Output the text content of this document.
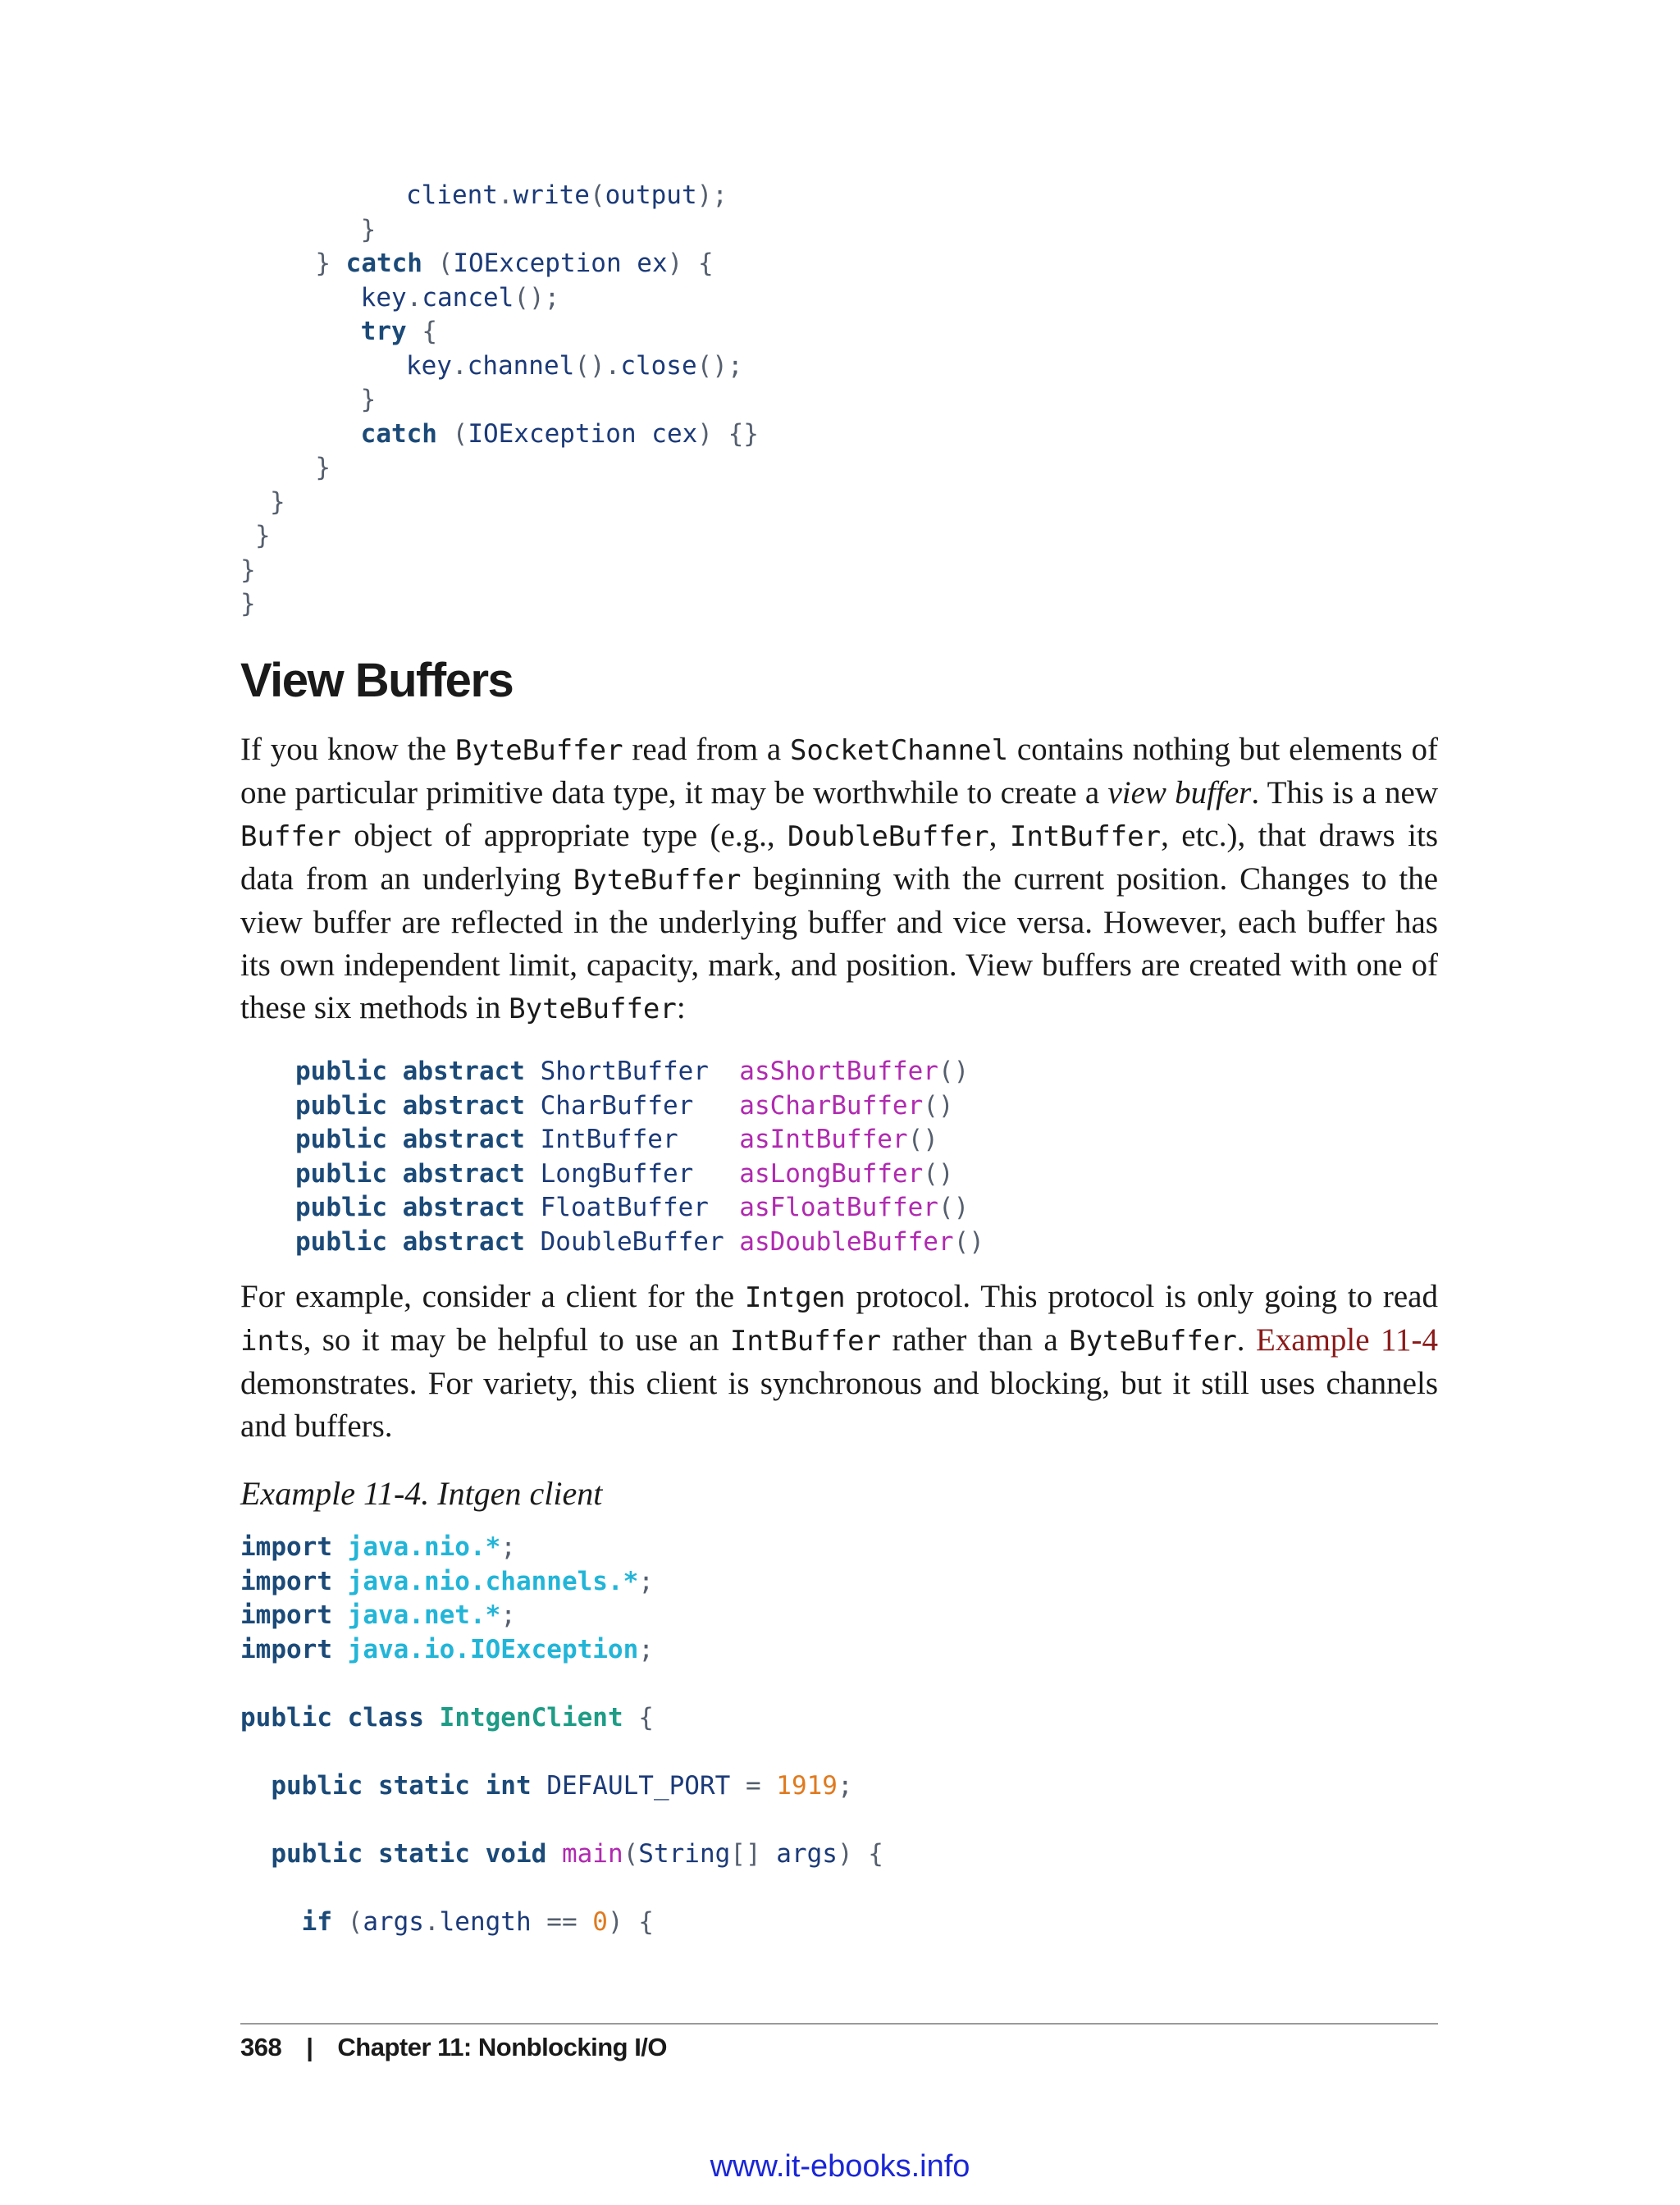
client.write(output);
}
} catch (IOException ex) {
key.cancel();
try {
key.channel().close();
}
catch (IOException cex) {}
}
}
}
}
}
View Buffers

If you know the ByteBuffer read from a SocketChannel contains nothing but elements of one particular primitive data type, it may be worthwhile to create a view buffer. This is a new Buffer object of appropriate type (e.g., DoubleBuffer, IntBuffer, etc.), that draws its data from an underlying ByteBuffer beginning with the current position. Changes to the view buffer are reflected in the underlying buffer and vice versa. However, each buffer has its own independent limit, capacity, mark, and position. View buffers are created with one of these six methods in ByteBuffer:

public abstract ShortBuffer asShortBuffer()
public abstract CharBuffer asCharBuffer()
public abstract IntBuffer asIntBuffer()
public abstract LongBuffer asLongBuffer()
public abstract FloatBuffer asFloatBuffer()
public abstract DoubleBuffer asDoubleBuffer()

For example, consider a client for the Intgen protocol. This protocol is only going to read ints, so it may be helpful to use an IntBuffer rather than a ByteBuffer. Example 11-4 demonstrates. For variety, this client is synchronous and blocking, but it still uses channels and buffers.

Example 11-4. Intgen client

import java.nio.*;
import java.nio.channels.*;
import java.net.*;
import java.io.IOException;
public class IntgenClient {
public static int DEFAULT_PORT = 1919;
public static void main(String[] args) {
if (args.length == 0) {
368 | Chapter 11: Nonblocking I/O
www.it-ebooks.info
